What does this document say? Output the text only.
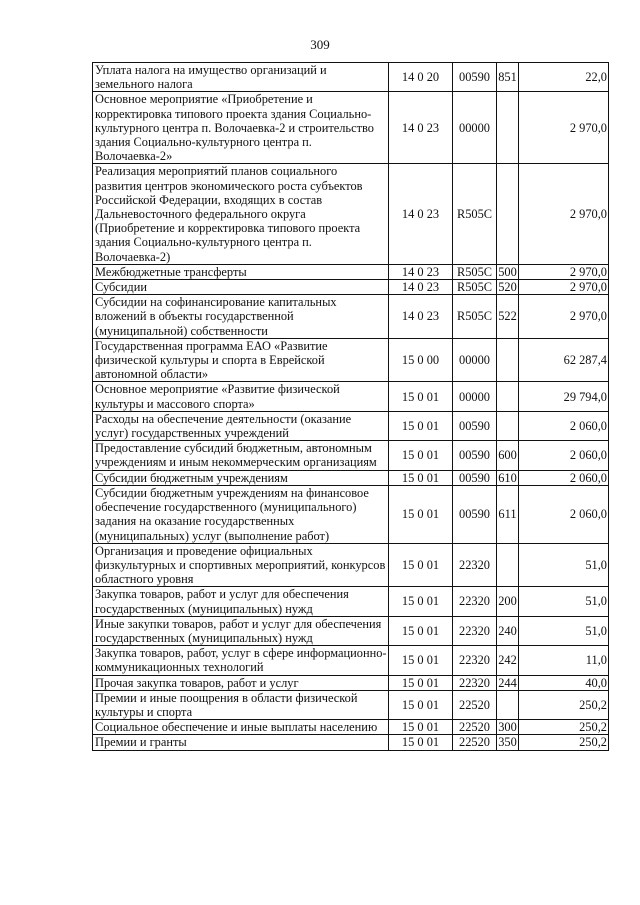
309
Уплата налога на имущество организаций и земельного налога	14 0 20	00590	851	22,0
Основное мероприятие «Приобретение и корректировка типового проекта здания Социально-культурного центра п. Волочаевка-2 и строительство здания Социально-культурного центра п. Волочаевка-2»	14 0 23	00000		2 970,0
Реализация мероприятий планов социального развития центров экономического роста субъектов Российской Федерации, входящих в состав Дальневосточного федерального округа (Приобретение и корректировка типового проекта здания Социально-культурного центра п. Волочаевка-2)	14 0 23	R505C		2 970,0
Межбюджетные трансферты	14 0 23	R505C	500	2 970,0
Субсидии	14 0 23	R505C	520	2 970,0
Субсидии на софинансирование капитальных вложений в объекты государственной (муниципальной) собственности	14 0 23	R505C	522	2 970,0
Государственная программа ЕАО «Развитие физической культуры и спорта в Еврейской автономной области»	15 0 00	00000		62 287,4
Основное мероприятие «Развитие физической культуры и массового спорта»	15 0 01	00000		29 794,0
Расходы на обеспечение деятельности (оказание услуг) государственных учреждений	15 0 01	00590		2 060,0
Предоставление субсидий бюджетным, автономным учреждениям и иным некоммерческим организациям	15 0 01	00590	600	2 060,0
Субсидии бюджетным учреждениям	15 0 01	00590	610	2 060,0
Субсидии бюджетным учреждениям на финансовое обеспечение государственного (муниципального) задания на оказание государственных (муниципальных) услуг (выполнение работ)	15 0 01	00590	611	2 060,0
Организация и проведение официальных физкультурных и спортивных мероприятий, конкурсов областного уровня	15 0 01	22320		51,0
Закупка товаров, работ и услуг для обеспечения государственных (муниципальных) нужд	15 0 01	22320	200	51,0
Иные закупки товаров, работ и услуг для обеспечения государственных (муниципальных) нужд	15 0 01	22320	240	51,0
Закупка товаров, работ, услуг в сфере информационно-коммуникационных технологий	15 0 01	22320	242	11,0
Прочая закупка товаров, работ и услуг	15 0 01	22320	244	40,0
Премии и иные поощрения в области физической культуры и спорта	15 0 01	22520		250,2
Социальное обеспечение и иные выплаты населению	15 0 01	22520	300	250,2
Премии и гранты	15 0 01	22520	350	250,2
